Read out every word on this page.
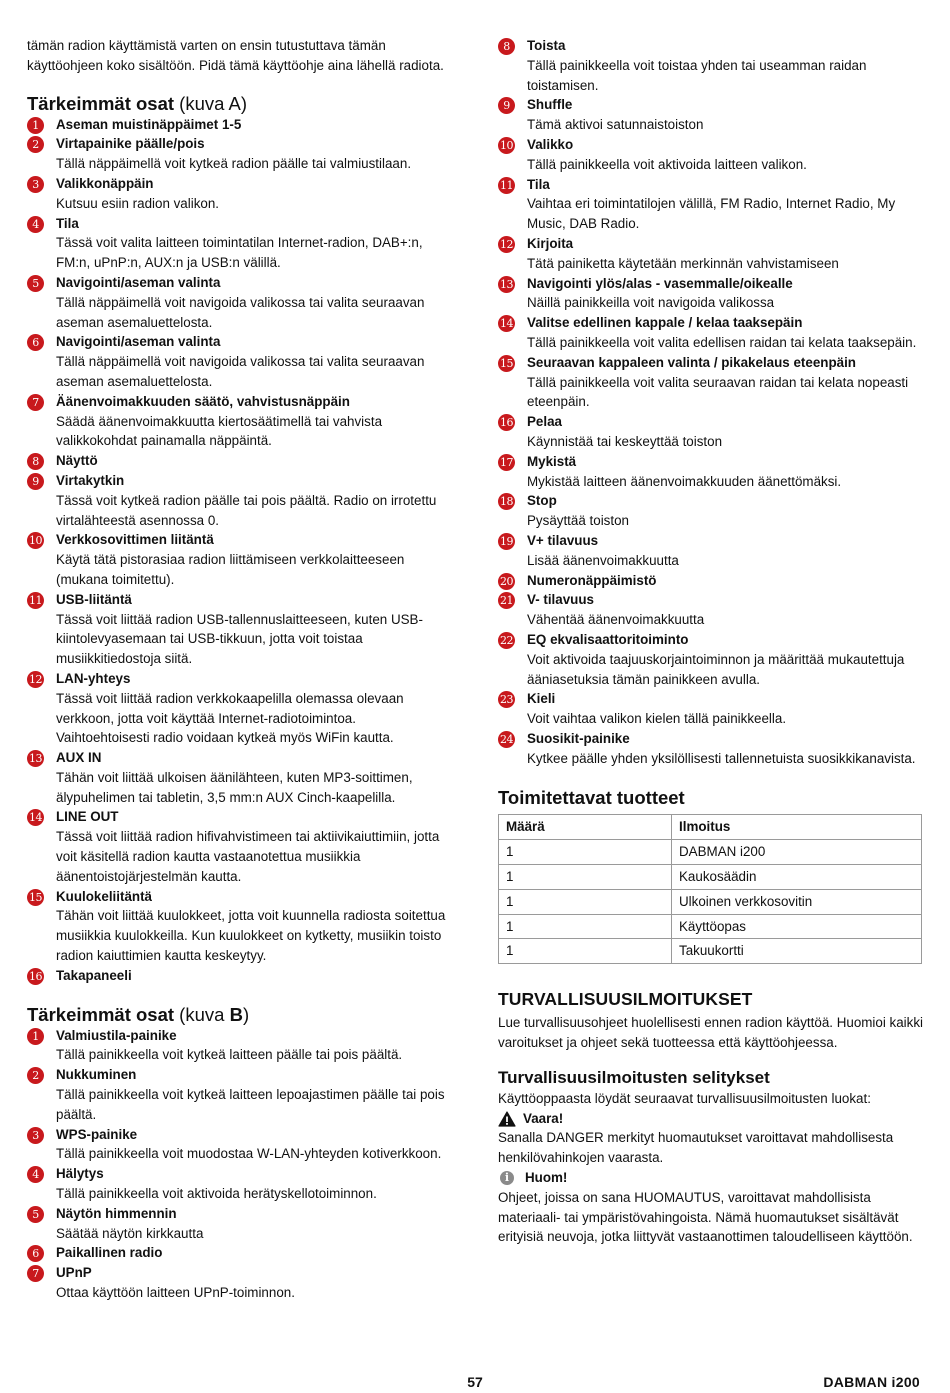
tämän radion käyttämistä varten on ensin tutustuttava tämän käyttöohjeen koko sisältöön. Pidä tämä käyttöohje aina lähellä radiota.
Tärkeimmät osat (kuva A)
1	Aseman muistinäppäimet 1-5
2	Virtapainike päälle/pois
Tällä näppäimellä voit kytkeä radion päälle tai valmiustilaan.
3	Valikkonäppäin
Kutsuu esiin radion valikon.
4	Tila
Tässä voit valita laitteen toimintatilan Internet-radion, DAB+:n, FM:n, uPnP:n, AUX:n ja USB:n välillä.
5	Navigointi/aseman valinta
Tällä näppäimellä voit navigoida valikossa tai valita seuraavan aseman asemaluettelosta.
6	Navigointi/aseman valinta
Tällä näppäimellä voit navigoida valikossa tai valita seuraavan aseman asemaluettelosta.
7	Äänenvoimakkuuden säätö, vahvistusnäppäin
Säädä äänenvoimakkuutta kiertosäätimellä tai vahvista valikkokohdat painamalla näppäintä.
8	Näyttö
9	Virtakytkin
Tässä voit kytkeä radion päälle tai pois päältä. Radio on irrotettu virtalähteestä asennossa 0.
10 Verkkosovittimen liitäntä
Käytä tätä pistorasiaa radion liittämiseen verkkolaitteeseen (mukana toimitettu).
11 USB-liitäntä
Tässä voit liittää radion USB-tallennuslaitteeseen, kuten USB-kiintolevyasemaan tai USB-tikkuun, jotta voit toistaa musiikkitiedostoja siitä.
12 LAN-yhteys
Tässä voit liittää radion verkkokaapelilla olemassa olevaan verkkoon, jotta voit käyttää Internet-radiotoimintoa. Vaihtoehtoisesti radio voidaan kytkeä myös WiFin kautta.
13 AUX IN
Tähän voit liittää ulkoisen äänilähteen, kuten MP3-soittimen, älypuhelimen tai tabletin, 3,5 mm:n AUX Cinch-kaapelilla.
14 LINE OUT
Tässä voit liittää radion hifivahvistimeen tai aktiivikaiuttimiin, jotta voit käsitellä radion kautta vastaanotettua musiikkia äänentoistojärjestelmän kautta.
15 Kuulokeliitäntä
Tähän voit liittää kuulokkeet, jotta voit kuunnella radiosta soitettua musiikkia kuulokkeilla. Kun kuulokkeet on kytketty, musiikin toisto radion kaiuttimien kautta keskeytyy.
16 Takapaneeli
Tärkeimmät osat (kuva B)
1	Valmiustila-painike
Tällä painikkeella voit kytkeä laitteen päälle tai pois päältä.
2	Nukkuminen
Tällä painikkeella voit kytkeä laitteen lepoajastimen päälle tai pois päältä.
3	WPS-painike
Tällä painikkeella voit muodostaa W-LAN-yhteyden kotiverkkoon.
4	Hälytys
Tällä painikkeella voit aktivoida herätyskellotoiminnon.
5	Näytön himmennin
Säätää näytön kirkkautta
6	Paikallinen radio
7	UPnP
Ottaa käyttöön laitteen UPnP-toiminnon.
8	Toista
Tällä painikkeella voit toistaa yhden tai useamman raidan toistamisen.
9	Shuffle
Tämä aktivoi satunnaistoiston
10 Valikko
Tällä painikkeella voit aktivoida laitteen valikon.
11 Tila
Vaihtaa eri toimintatilojen välillä, FM Radio, Internet Radio, My Music, DAB Radio.
12 Kirjoita
Tätä painiketta käytetään merkinnän vahvistamiseen
13 Navigointi ylös/alas - vasemmalle/oikealle
Näillä painikkeilla voit navigoida valikossa
14 Valitse edellinen kappale / kelaa taaksepäin
Tällä painikkeella voit valita edellisen raidan tai kelata taaksepäin.
15 Seuraavan kappaleen valinta / pikakelaus eteenpäin
Tällä painikkeella voit valita seuraavan raidan tai kelata nopeasti eteenpäin.
16 Pelaa
Käynnistää tai keskeyttää toiston
17 Mykistä
Mykistää laitteen äänenvoimakkuuden äänettömäksi.
18 Stop
Pysäyttää toiston
19 V+ tilavuus
Lisää äänenvoimakkuutta
20 Numeronäppäimistö
21 V- tilavuus
Vähentää äänenvoimakkuutta
22 EQ ekvalisaattoritoiminto
Voit aktivoida taajuuskorjaintoiminnon ja määrittää mukautettuja ääniasetuksia tämän painikkeen avulla.
23 Kieli
Voit vaihtaa valikon kielen tällä painikkeella.
24 Suosikit-painike
Kytkee päälle yhden yksilöllisesti tallennetuista suosikkikanavista.
Toimitettavat tuotteet
Määrä	Ilmoitus
1	DABMAN i200
1	Kaukosäädin
1	Ulkoinen verkkosovitin
1	Käyttöopas
1	Takuukortti
TURVALLISUUSILMOITUKSET
Lue turvallisuusohjeet huolellisesti ennen radion käyttöä. Huomioi kaikki varoitukset ja ohjeet sekä tuotteessa että käyttöohjeessa.
Turvallisuusilmoitusten selitykset
Käyttöoppaasta löydät seuraavat turvallisuusilmoitusten luokat:
Vaara!
Sanalla DANGER merkityt huomautukset varoittavat mahdollisesta henkilövahinkojen vaarasta.
i	Huom!
Ohjeet, joissa on sana HUOMAUTUS, varoittavat mahdollisista materiaali- tai ympäristövahingoista. Nämä huomautukset sisältävät erityisiä neuvoja, jotka liittyvät vastaanottimen taloudelliseen käyttöön.
57	DABMAN i200
